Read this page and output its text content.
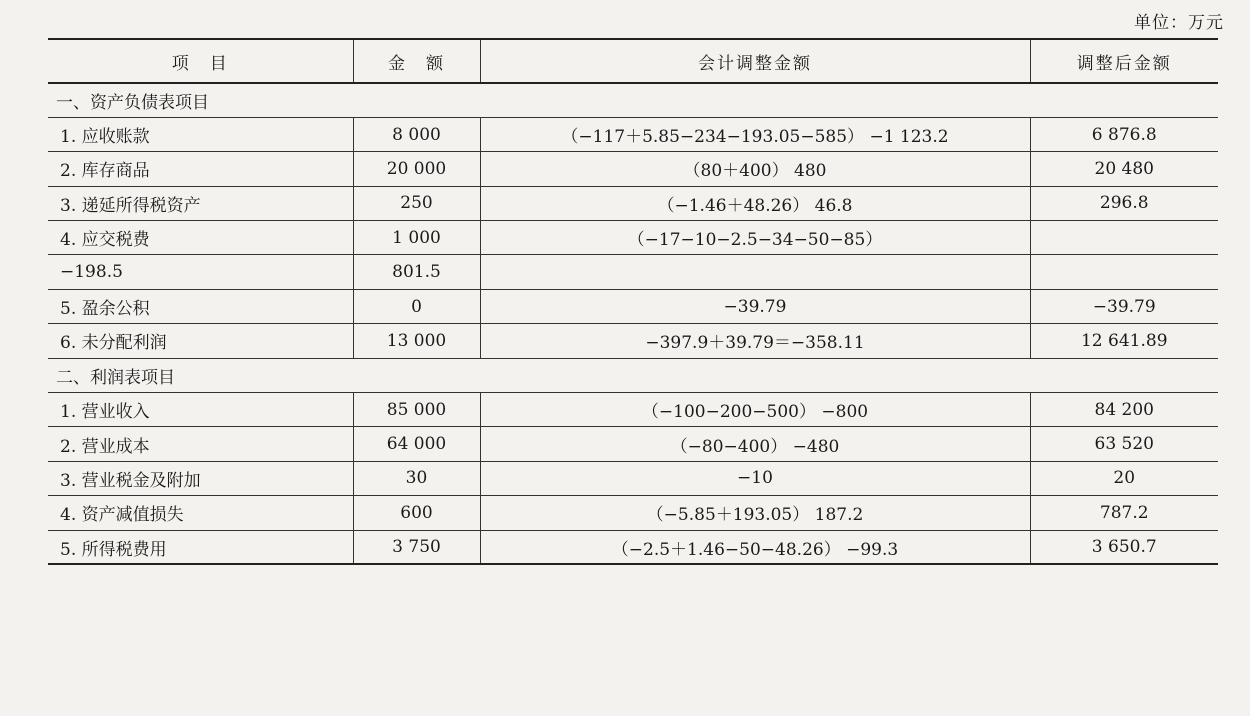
单位：万元
项　目	金　额	会计调整金额	调整后金额
一、资产负债表项目			
1. 应收账款	8 000	（−117＋5.85−234−193.05−585） −1 123.2	6 876.8
2. 库存商品	20 000	（80＋400） 480	20 480
3. 递延所得税资产	250	（−1.46＋48.26） 46.8	296.8
4. 应交税费	1 000	（−17−10−2.5−34−50−85）	
−198.5	801.5		
5. 盈余公积	0	−39.79	−39.79
6. 未分配利润	13 000	−397.9＋39.79＝−358.11	12 641.89
二、利润表项目			
1. 营业收入	85 000	（−100−200−500） −800	84 200
2. 营业成本	64 000	（−80−400） −480	63 520
3. 营业税金及附加	30	−10	20
4. 资产减值损失	600	（−5.85＋193.05） 187.2	787.2
5. 所得税费用	3 750	（−2.5＋1.46−50−48.26） −99.3	3 650.7
